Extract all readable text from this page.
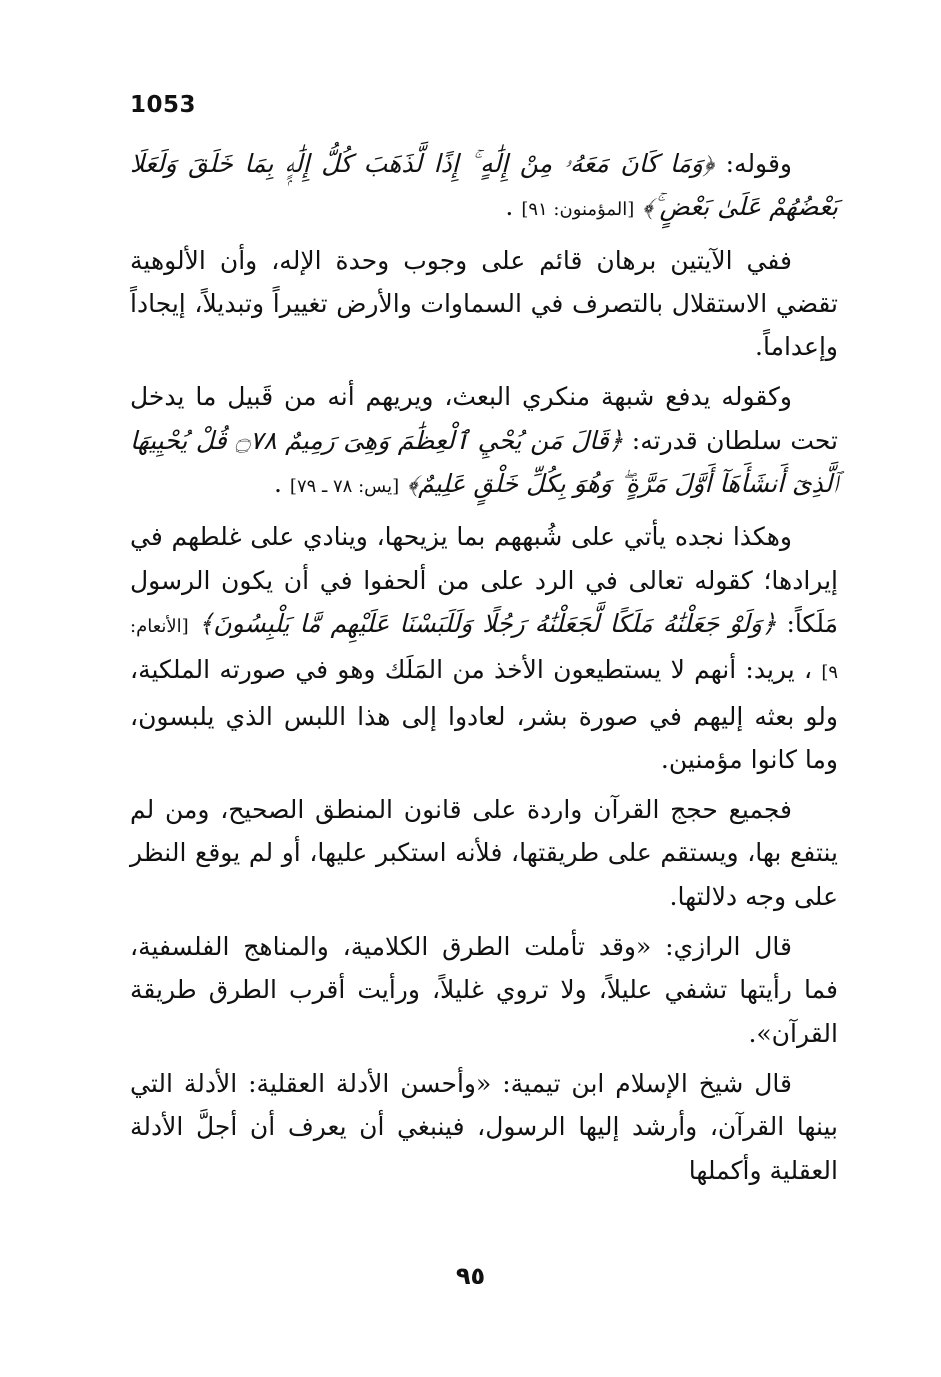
1053

وقوله: ﴿وَمَا كَانَ مَعَهُۥ مِنْ إِلَٰهٍ ۚ إِذًا لَّذَهَبَ كُلُّ إِلَٰهٍۭ بِمَا خَلَقَ وَلَعَلَا بَعْضُهُمْ عَلَىٰ بَعْضٍ ۚ﴾ [المؤمنون: ٩١] .

ففي الآيتين برهان قائم على وجوب وحدة الإله، وأن الألوهية تقضي الاستقلال بالتصرف في السماوات والأرض تغييراً وتبديلاً، إيجاداً وإعداماً.

وكقوله يدفع شبهة منكري البعث، ويريهم أنه من قَبيل ما يدخل تحت سلطان قدرته: ﴿قَالَ مَن يُحْيِ ٱلْعِظَٰمَ وَهِىَ رَمِيمٌ ۝٧٨ قُلْ يُحْيِيهَا ٱلَّذِىٓ أَنشَأَهَآ أَوَّلَ مَرَّةٍ ۖ وَهُوَ بِكُلِّ خَلْقٍ عَلِيمٌ﴾ [يس: ٧٨ ـ ٧٩] .

وهكذا نجده يأتي على شُبههم بما يزيحها، وينادي على غلطهم في إيرادها؛ كقوله تعالى في الرد على من ألحفوا في أن يكون الرسول مَلَكاً: ﴿وَلَوْ جَعَلْنَٰهُ مَلَكًا لَّجَعَلْنَٰهُ رَجُلًا وَلَلَبَسْنَا عَلَيْهِم مَّا يَلْبِسُونَ﴾ [الأنعام: ٩] ، يريد: أنهم لا يستطيعون الأخذ من المَلَك وهو في صورته الملكية، ولو بعثه إليهم في صورة بشر، لعادوا إلى هذا اللبس الذي يلبسون، وما كانوا مؤمنين.

فجميع حجج القرآن واردة على قانون المنطق الصحيح، ومن لم ينتفع بها، ويستقم على طريقتها، فلأنه استكبر عليها، أو لم يوقع النظر على وجه دلالتها.

قال الرازي: «وقد تأملت الطرق الكلامية، والمناهج الفلسفية، فما رأيتها تشفي عليلاً، ولا تروي غليلاً، ورأيت أقرب الطرق طريقة القرآن».

قال شيخ الإسلام ابن تيمية: «وأحسن الأدلة العقلية: الأدلة التي بينها القرآن، وأرشد إليها الرسول، فينبغي أن يعرف أن أجلَّ الأدلة العقلية وأكملها

٩٥
